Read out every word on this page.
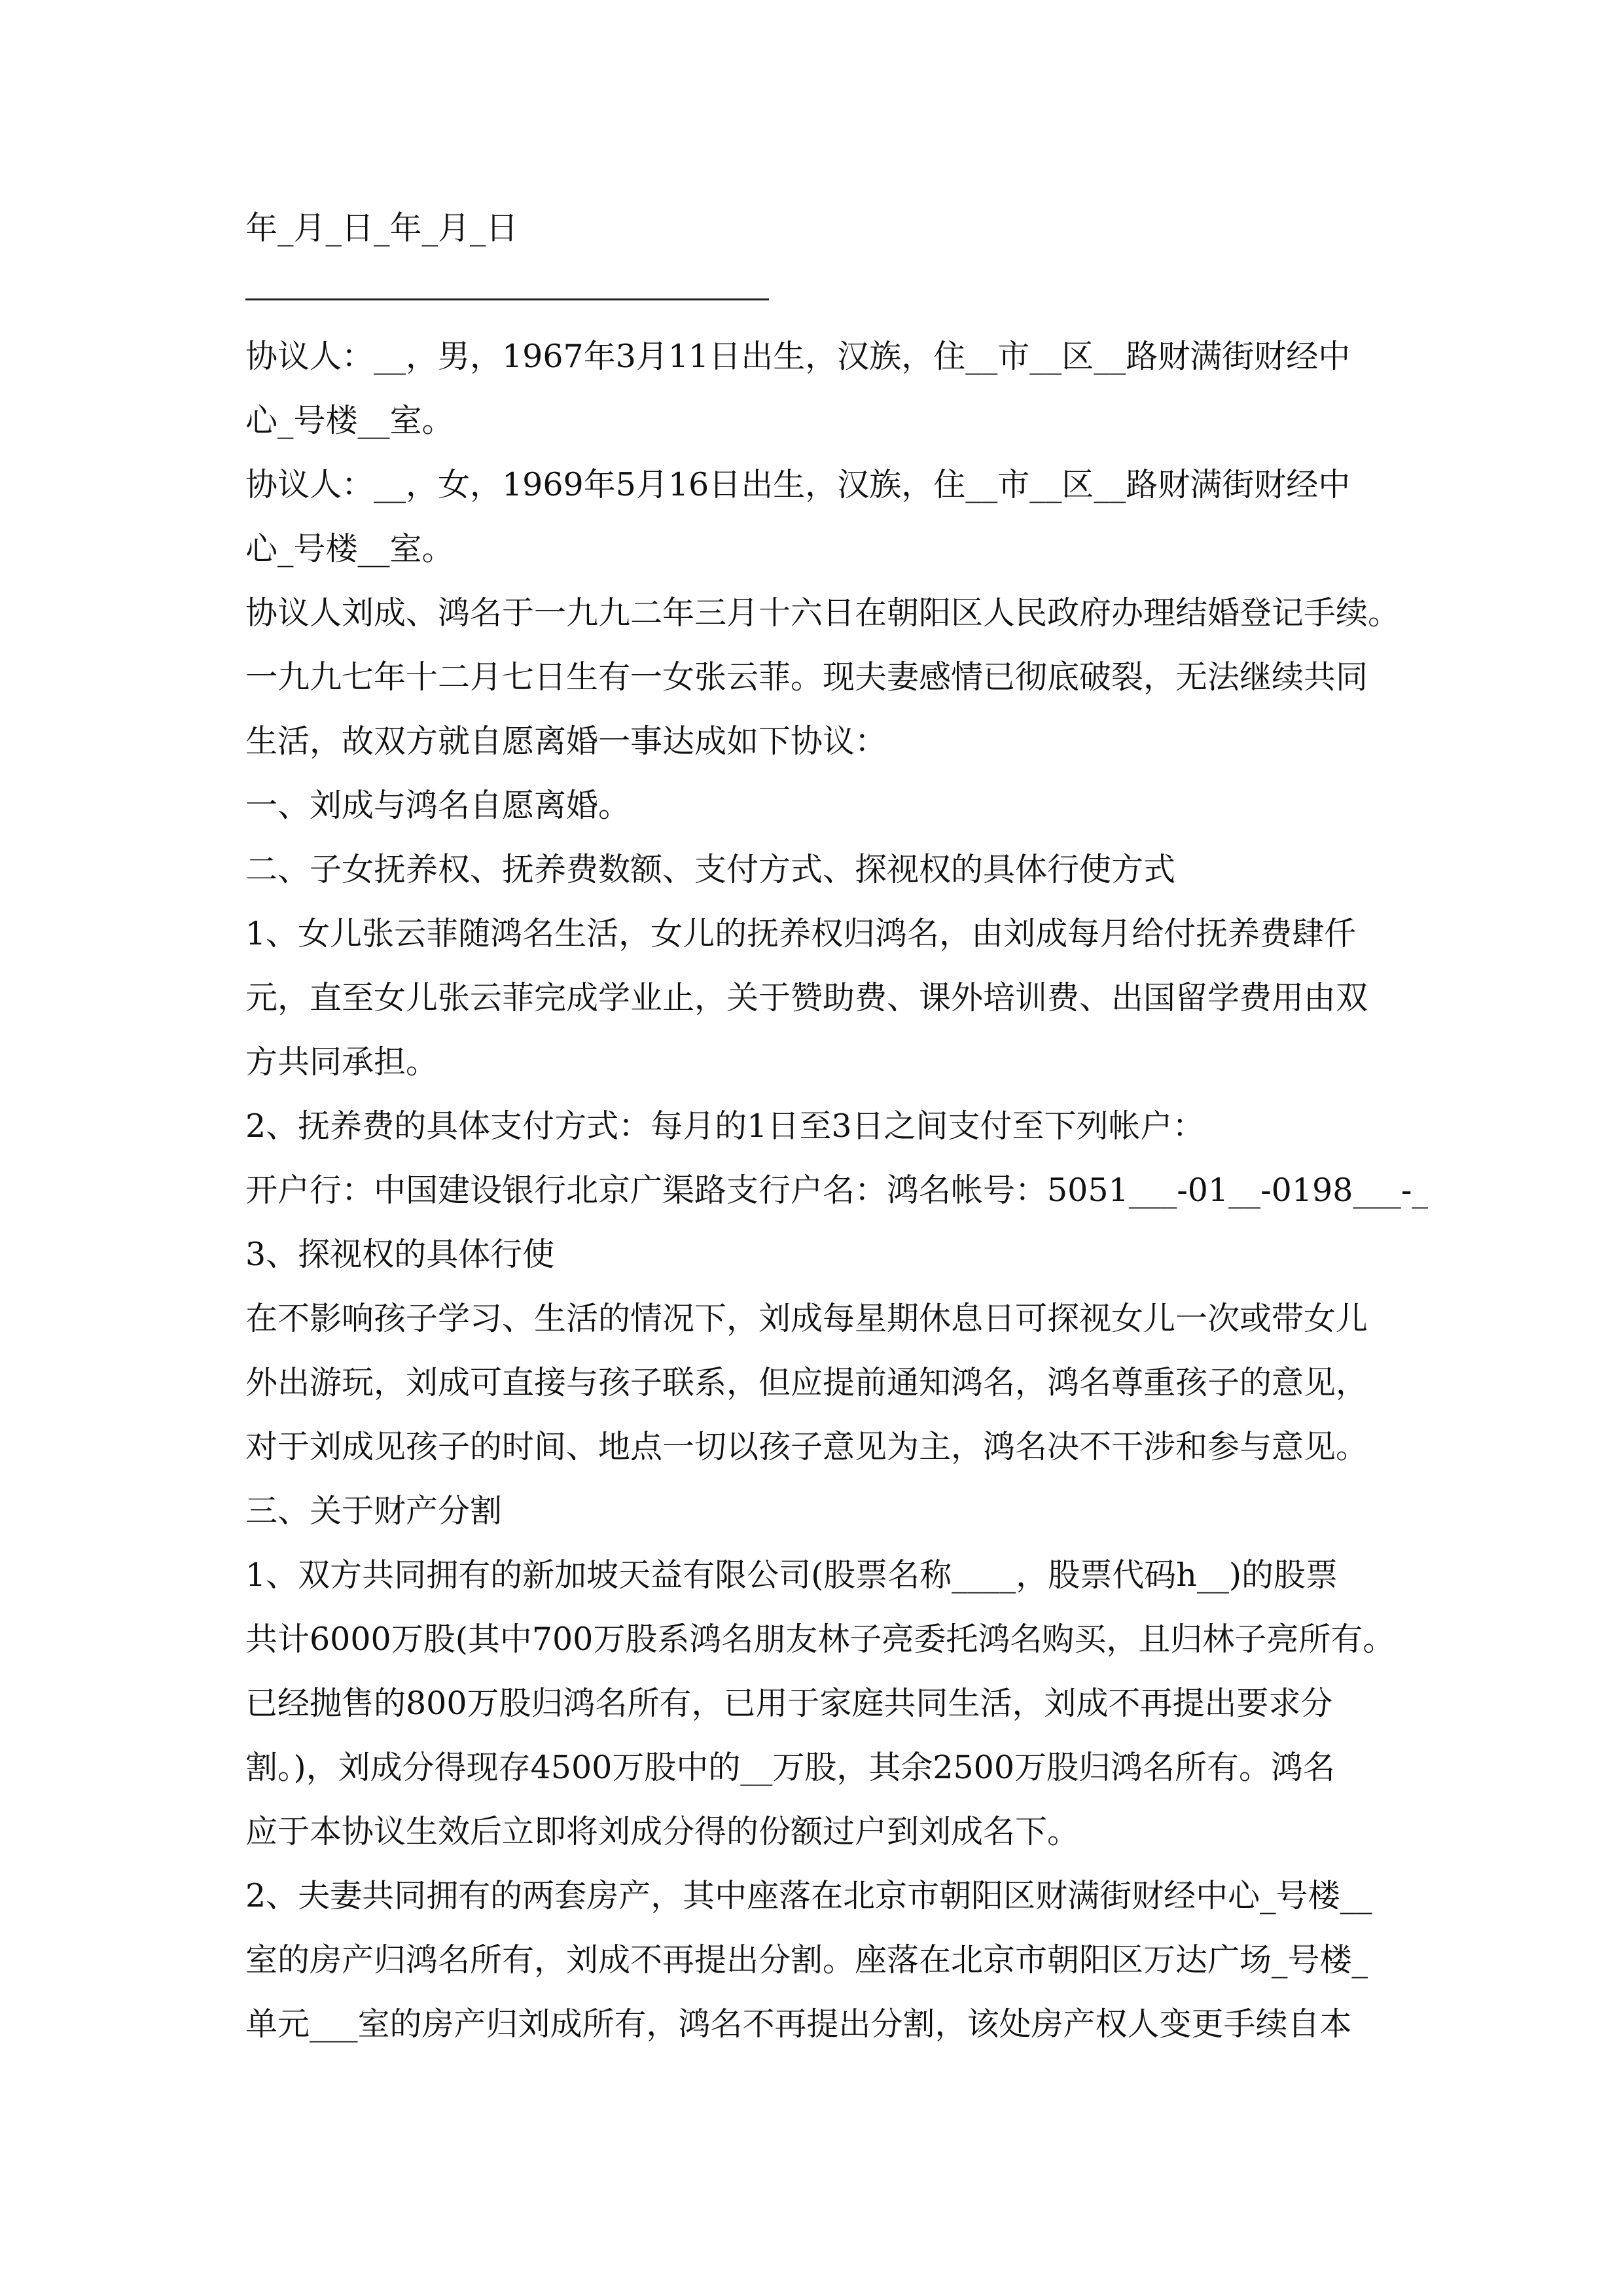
年_月_日_年_月_日
协议人：__，男，1967年3月11日出生，汉族，住__市__区__路财满街财经中
心_号楼__室。
协议人：__，女，1969年5月16日出生，汉族，住__市__区__路财满街财经中
心_号楼__室。
协议人刘成、鸿名于一九九二年三月十六日在朝阳区人民政府办理结婚登记手续。
一九九七年十二月七日生有一女张云菲。现夫妻感情已彻底破裂，无法继续共同
生活，故双方就自愿离婚一事达成如下协议：
一、刘成与鸿名自愿离婚。
二、子女抚养权、抚养费数额、支付方式、探视权的具体行使方式
1、女儿张云菲随鸿名生活，女儿的抚养权归鸿名，由刘成每月给付抚养费肆仟
元，直至女儿张云菲完成学业止，关于赞助费、课外培训费、出国留学费用由双
方共同承担。
2、抚养费的具体支付方式：每月的1日至3日之间支付至下列帐户：
开户行：中国建设银行北京广渠路支行户名：鸿名帐号：5051___-01__-0198___-_
3、探视权的具体行使
在不影响孩子学习、生活的情况下，刘成每星期休息日可探视女儿一次或带女儿
外出游玩，刘成可直接与孩子联系，但应提前通知鸿名，鸿名尊重孩子的意见，
对于刘成见孩子的时间、地点一切以孩子意见为主，鸿名决不干涉和参与意见。
三、关于财产分割
1、双方共同拥有的新加坡天益有限公司(股票名称____，股票代码h__)的股票
共计6000万股(其中700万股系鸿名朋友林子亮委托鸿名购买，且归林子亮所有。
已经抛售的800万股归鸿名所有，已用于家庭共同生活，刘成不再提出要求分
割。)，刘成分得现存4500万股中的__万股，其余2500万股归鸿名所有。鸿名
应于本协议生效后立即将刘成分得的份额过户到刘成名下。
2、夫妻共同拥有的两套房产，其中座落在北京市朝阳区财满街财经中心_号楼__
室的房产归鸿名所有，刘成不再提出分割。座落在北京市朝阳区万达广场_号楼_
单元___室的房产归刘成所有，鸿名不再提出分割，该处房产权人变更手续自本
